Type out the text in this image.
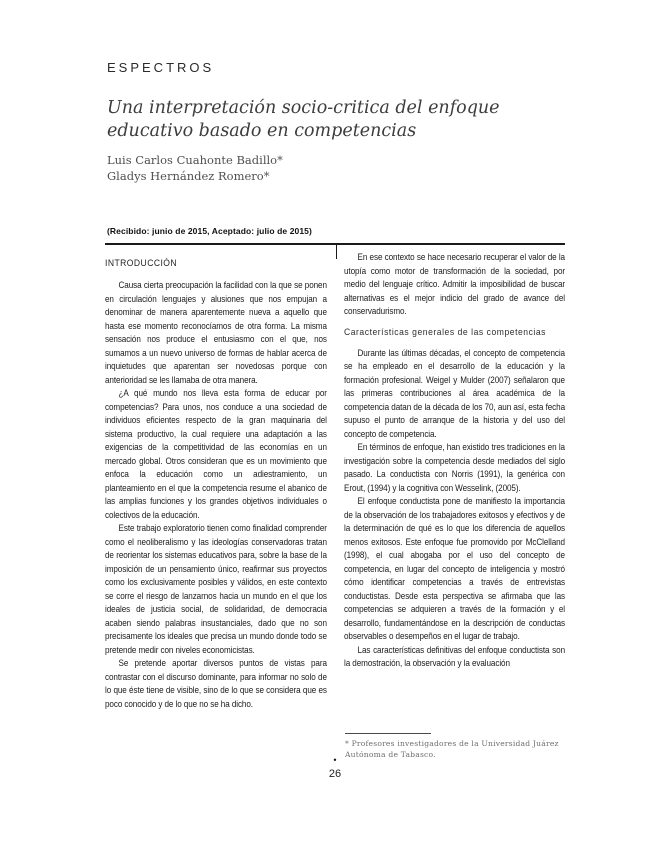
ESPECTROS
Una interpretación socio-critica del enfoque educativo basado en competencias
Luis Carlos Cuahonte Badillo*
Gladys Hernández Romero*
(Recibido: junio de 2015, Aceptado: julio de 2015)
INTRODUCCIÓN

Causa cierta preocupación la facilidad con la que se ponen en circulación lenguajes y alusiones que nos empujan a denominar de manera aparentemente nueva a aquello que hasta ese momento reconocíamos de otra forma. La misma sensación nos produce el entusiasmo con el que, nos sumamos a un nuevo universo de formas de hablar acerca de inquietudes que aparentan ser novedosas porque con anterioridad se les llamaba de otra manera.

¿A qué mundo nos lleva esta forma de educar por competencias? Para unos, nos conduce a una sociedad de individuos eficientes respecto de la gran maquinaria del sistema productivo, la cual requiere una adaptación a las exigencias de la competitividad de las economías en un mercado global. Otros consideran que es un movimiento que enfoca la educación como un adiestramiento, un planteamiento en el que la competencia resume el abanico de las amplias funciones y los grandes objetivos individuales o colectivos de la educación.

Este trabajo exploratorio tienen como finalidad comprender como el neoliberalismo y las ideologías conservadoras tratan de reorientar los sistemas educativos para, sobre la base de la imposición de un pensamiento único, reafirmar sus proyectos como los exclusivamente posibles y válidos, en este contexto se corre el riesgo de lanzarnos hacia un mundo en el que los ideales de justicia social, de solidaridad, de democracia acaben siendo palabras insustanciales, dado que no son precisamente los ideales que precisa un mundo donde todo se pretende medir con niveles economicistas.

Se pretende aportar diversos puntos de vistas para contrastar con el discurso dominante, para informar no solo de lo que éste tiene de visible, sino de lo que se considera que es poco conocido y de lo que no se ha dicho.

En ese contexto se hace necesario recuperar el valor de la utopía como motor de transformación de la sociedad, por medio del lenguaje crítico. Admitir la imposibilidad de buscar alternativas es el mejor indicio del grado de avance del conservadurismo.

Características generales de las competencias

Durante las últimas décadas, el concepto de competencia se ha empleado en el desarrollo de la educación y la formación profesional. Weigel y Mulder (2007) señalaron que las primeras contribuciones al área académica de la competencia datan de la década de los 70, aun así, esta fecha supuso el punto de arranque de la historia y del uso del concepto de competencia.

En términos de enfoque, han existido tres tradiciones en la investigación sobre la competencia desde mediados del siglo pasado. La conductista con Norris (1991), la genérica con Erout, (1994) y la cognitiva con Wesselink, (2005).

El enfoque conductista pone de manifiesto la importancia de la observación de los trabajadores exitosos y efectivos y de la determinación de qué es lo que los diferencia de aquellos menos exitosos. Este enfoque fue promovido por McClelland (1998), el cual abogaba por el uso del concepto de competencia, en lugar del concepto de inteligencia y mostró cómo identificar competencias a través de entrevistas conductistas. Desde esta perspectiva se afirmaba que las competencias se adquieren a través de la formación y el desarrollo, fundamentándose en la descripción de conductas observables o desempeños en el lugar de trabajo.

Las características definitivas del enfoque conductista son la demostración, la observación y la evaluación

* Profesores investigadores de la Universidad Juárez Autónoma de Tabasco.
•
26
